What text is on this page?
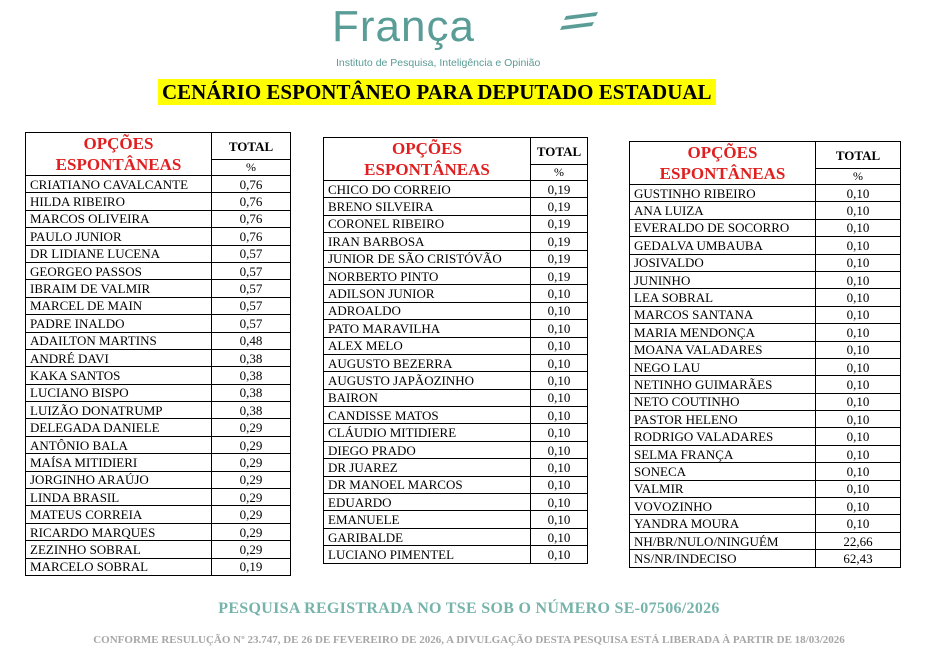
França
Instituto de Pesquisa, Inteligência e Opinião
CENÁRIO ESPONTÂNEO PARA DEPUTADO ESTADUAL
OPÇÕES ESPONTÂNEAS	TOTAL
	%
CRIATIANO CAVALCANTE	0,76
HILDA RIBEIRO	0,76
MARCOS OLIVEIRA	0,76
PAULO JUNIOR	0,76
DR LIDIANE LUCENA	0,57
GEORGEO PASSOS	0,57
IBRAIM DE VALMIR	0,57
MARCEL DE MAIN	0,57
PADRE INALDO	0,57
ADAILTON MARTINS	0,48
ANDRÉ DAVI	0,38
KAKA SANTOS	0,38
LUCIANO BISPO	0,38
LUIZÃO DONATRUMP	0,38
DELEGADA DANIELE	0,29
ANTÔNIO BALA	0,29
MAÍSA MITIDIERI	0,29
JORGINHO ARAÚJO	0,29
LINDA BRASIL	0,29
MATEUS CORREIA	0,29
RICARDO MARQUES	0,29
ZEZINHO SOBRAL	0,29
MARCELO SOBRAL	0,19
OPÇÕES ESPONTÂNEAS	TOTAL
	%
CHICO DO CORREIO	0,19
BRENO SILVEIRA	0,19
CORONEL RIBEIRO	0,19
IRAN BARBOSA	0,19
JUNIOR DE SÃO CRISTÓVÃO	0,19
NORBERTO PINTO	0,19
ADILSON JUNIOR	0,10
ADROALDO	0,10
PATO MARAVILHA	0,10
ALEX MELO	0,10
AUGUSTO BEZERRA	0,10
AUGUSTO JAPÃOZINHO	0,10
BAIRON	0,10
CANDISSE MATOS	0,10
CLÁUDIO MITIDIERE	0,10
DIEGO PRADO	0,10
DR JUAREZ	0,10
DR MANOEL MARCOS	0,10
EDUARDO	0,10
EMANUELE	0,10
GARIBALDE	0,10
LUCIANO PIMENTEL	0,10
OPÇÕES ESPONTÂNEAS	TOTAL
	%
GUSTINHO RIBEIRO	0,10
ANA LUIZA	0,10
EVERALDO DE SOCORRO	0,10
GEDALVA UMBAUBA	0,10
JOSIVALDO	0,10
JUNINHO	0,10
LEA SOBRAL	0,10
MARCOS SANTANA	0,10
MARIA MENDONÇA	0,10
MOANA VALADARES	0,10
NEGO LAU	0,10
NETINHO GUIMARÃES	0,10
NETO COUTINHO	0,10
PASTOR HELENO	0,10
RODRIGO VALADARES	0,10
SELMA FRANÇA	0,10
SONECA	0,10
VALMIR	0,10
VOVOZINHO	0,10
YANDRA MOURA	0,10
NH/BR/NULO/NINGUÉM	22,66
NS/NR/INDECISO	62,43
PESQUISA REGISTRADA NO TSE SOB O NÚMERO SE-07506/2026
CONFORME RESULUÇÃO Nº 23.747, DE 26 DE FEVEREIRO DE 2026, A DIVULGAÇÃO DESTA PESQUISA ESTÁ LIBERADA À PARTIR DE 18/03/2026
